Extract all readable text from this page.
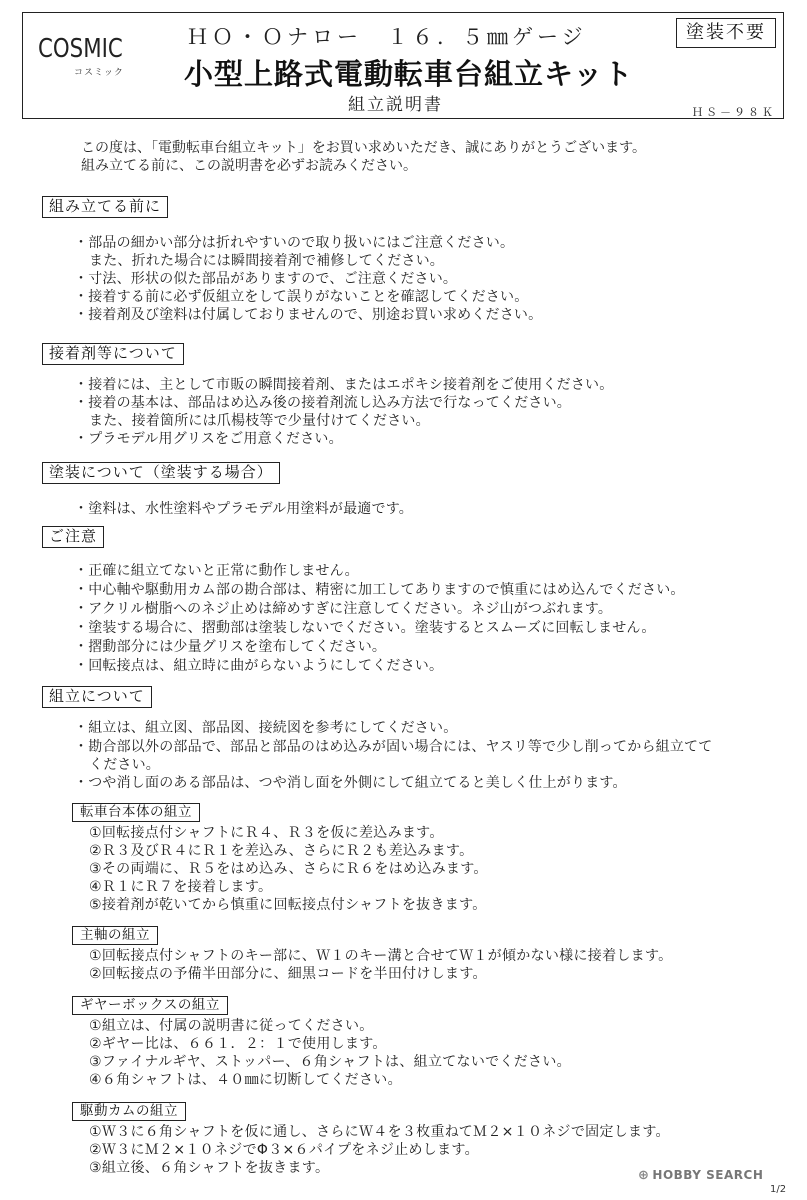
COSMIC
コスミック
ＨＯ・Ｏナロー　１６．５㎜ゲージ
小型上路式電動転車台組立キット
組立説明書
塗装不要
ＨＳ－９８Ｋ
この度は、「電動転車台組立キット」をお買い求めいただき、誠にありがとうございます。
組み立てる前に、この説明書を必ずお読みください。
組み立てる前に
・部品の細かい部分は折れやすいので取り扱いにはご注意ください。
また、折れた場合には瞬間接着剤で補修してください。
・寸法、形状の似た部品がありますので、ご注意ください。
・接着する前に必ず仮組立をして誤りがないことを確認してください。
・接着剤及び塗料は付属しておりませんので、別途お買い求めください。
接着剤等について
・接着には、主として市販の瞬間接着剤、またはエポキシ接着剤をご使用ください。
・接着の基本は、部品はめ込み後の接着剤流し込み方法で行なってください。
また、接着箇所には爪楊枝等で少量付けてください。
・プラモデル用グリスをご用意ください。
塗装について（塗装する場合）
・塗料は、水性塗料やプラモデル用塗料が最適です。
ご注意
・正確に組立てないと正常に動作しません。
・中心軸や駆動用カム部の勘合部は、精密に加工してありますので慎重にはめ込んでください。
・アクリル樹脂へのネジ止めは締めすぎに注意してください。ネジ山がつぶれます。
・塗装する場合に、摺動部は塗装しないでください。塗装するとスムーズに回転しません。
・摺動部分には少量グリスを塗布してください。
・回転接点は、組立時に曲がらないようにしてください。
組立について
・組立は、組立図、部品図、接続図を参考にしてください。
・勘合部以外の部品で、部品と部品のはめ込みが固い場合には、ヤスリ等で少し削ってから組立てて
ください。
・つや消し面のある部品は、つや消し面を外側にして組立てると美しく仕上がります。
転車台本体の組立
①回転接点付シャフトにＲ４、Ｒ３を仮に差込みます。
②Ｒ３及びＲ４にＲ１を差込み、さらにＲ２も差込みます。
③その両端に、Ｒ５をはめ込み、さらにＲ６をはめ込みます。
④Ｒ１にＲ７を接着します。
⑤接着剤が乾いてから慎重に回転接点付シャフトを抜きます。
主軸の組立
①回転接点付シャフトのキー部に、Ｗ１のキー溝と合せてＷ１が傾かない様に接着します。
②回転接点の予備半田部分に、細黒コードを半田付けします。
ギヤーボックスの組立
①組立は、付属の説明書に従ってください。
②ギヤー比は、６６１．２：１で使用します。
③ファイナルギヤ、ストッパー、６角シャフトは、組立てないでください。
④６角シャフトは、４０㎜に切断してください。
駆動カムの組立
①Ｗ３に６角シャフトを仮に通し、さらにＷ４を３枚重ねてＭ２×１０ネジで固定します。
②Ｗ３にＭ２×１０ネジでΦ３×６パイプをネジ止めします。
③組立後、６角シャフトを抜きます。	⊕ HOBBY SEARCH
1/2
